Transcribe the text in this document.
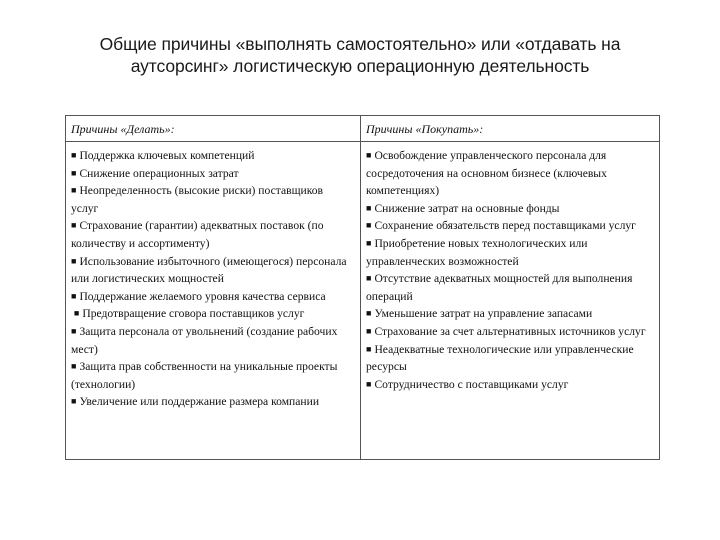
Общие причины «выполнять самостоятельно» или «отдавать на
аутсорсинг» логистическую операционную деятельность
Причины «Делать»:	Причины «Покупать»:

■ Поддержка ключевых компетенций

■ Снижение операционных затрат

■ Неопределенность (высокие риски) поставщиков услуг

■ Страхование (гарантии) адекватных поставок (по количеству и ассортименту)

■ Использование избыточного (имеющегося) персонала или логистических мощностей

■ Поддержание желаемого уровня качества сервиса

■ Предотвращение сговора поставщиков услуг

■ Защита персонала от увольнений (создание рабочих мест)

■ Защита прав собственности на уникальные проекты (технологии)

■ Увеличение или поддержание размера компании

■ Освобождение управленческого персонала для сосредоточения на основном бизнесе (ключевых компетенциях)

■ Снижение затрат на основные фонды

■ Сохранение обязательств перед поставщиками услуг

■ Приобретение новых технологических или управленческих возможностей

■ Отсутствие адекватных мощностей для выполнения операций

■ Уменьшение затрат на управление запасами

■ Страхование за счет альтернативных источников услуг

■ Неадекватные технологические или управленческие ресурсы

■ Сотрудничество с поставщиками услуг
